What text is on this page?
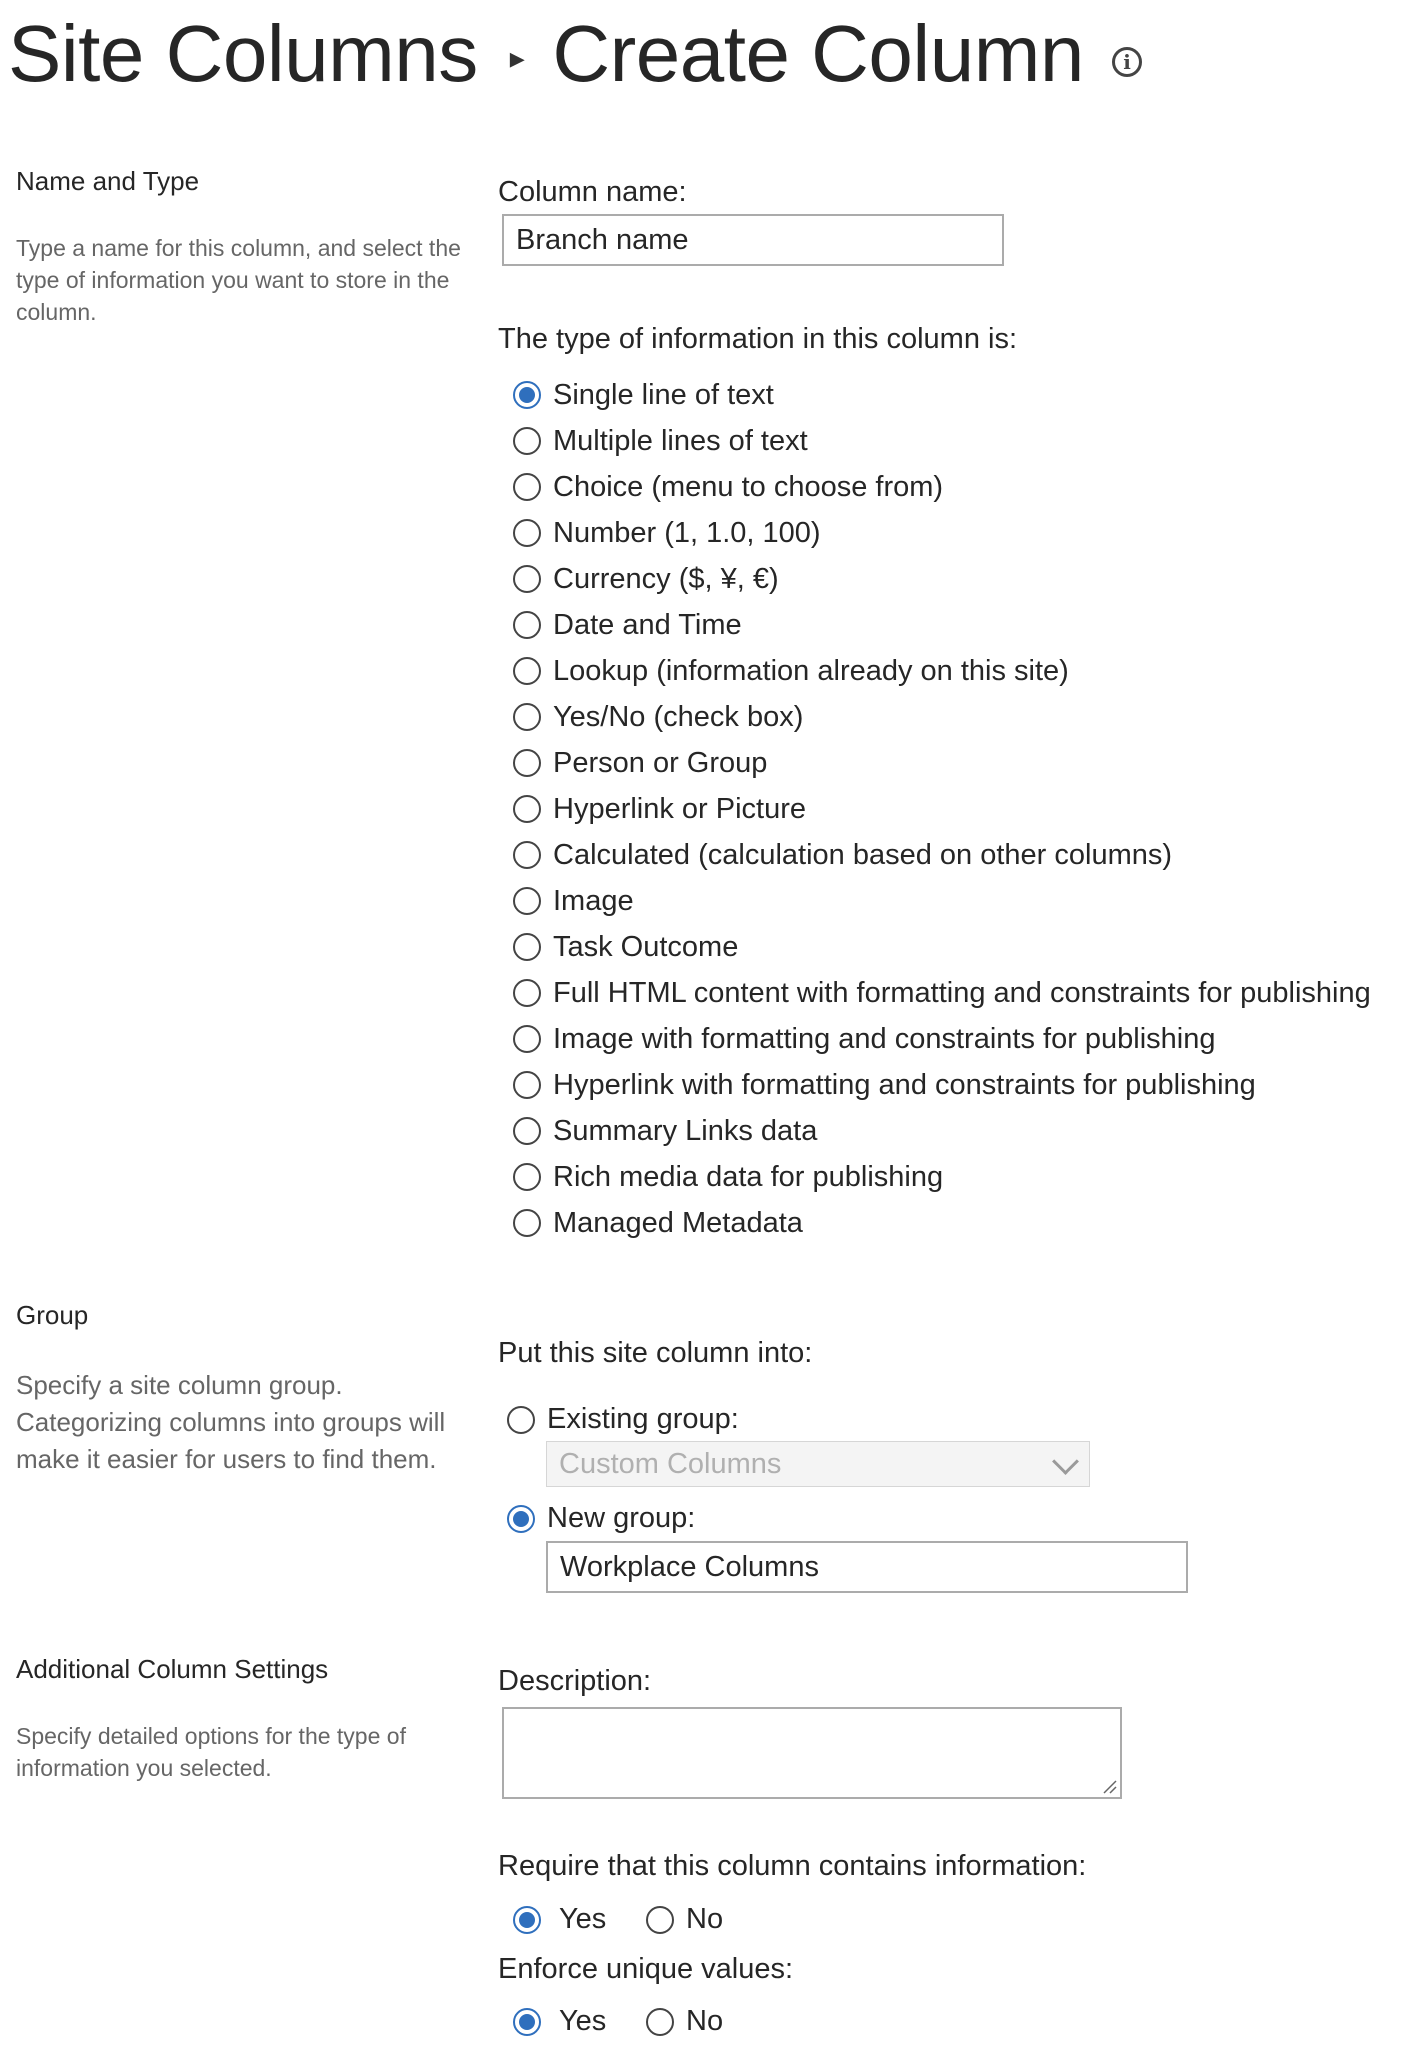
Site Columns ▸ Create Column	i
Name and Type
Type a name for this column, and select the type of information you want to store in the column.
Column name:
Branch name
The type of information in this column is:
Single line of text
Multiple lines of text
Choice (menu to choose from)
Number (1, 1.0, 100)
Currency ($, ¥, €)
Date and Time
Lookup (information already on this site)
Yes/No (check box)
Person or Group
Hyperlink or Picture
Calculated (calculation based on other columns)
Image
Task Outcome
Full HTML content with formatting and constraints for publishing
Image with formatting and constraints for publishing
Hyperlink with formatting and constraints for publishing
Summary Links data
Rich media data for publishing
Managed Metadata
Group
Specify a site column group. Categorizing columns into groups will make it easier for users to find them.
Put this site column into:
Existing group:
Custom Columns
New group:
Workplace Columns
Additional Column Settings
Specify detailed options for the type of information you selected.
Description:
Require that this column contains information:
Yes	No
Enforce unique values:
Yes	No
